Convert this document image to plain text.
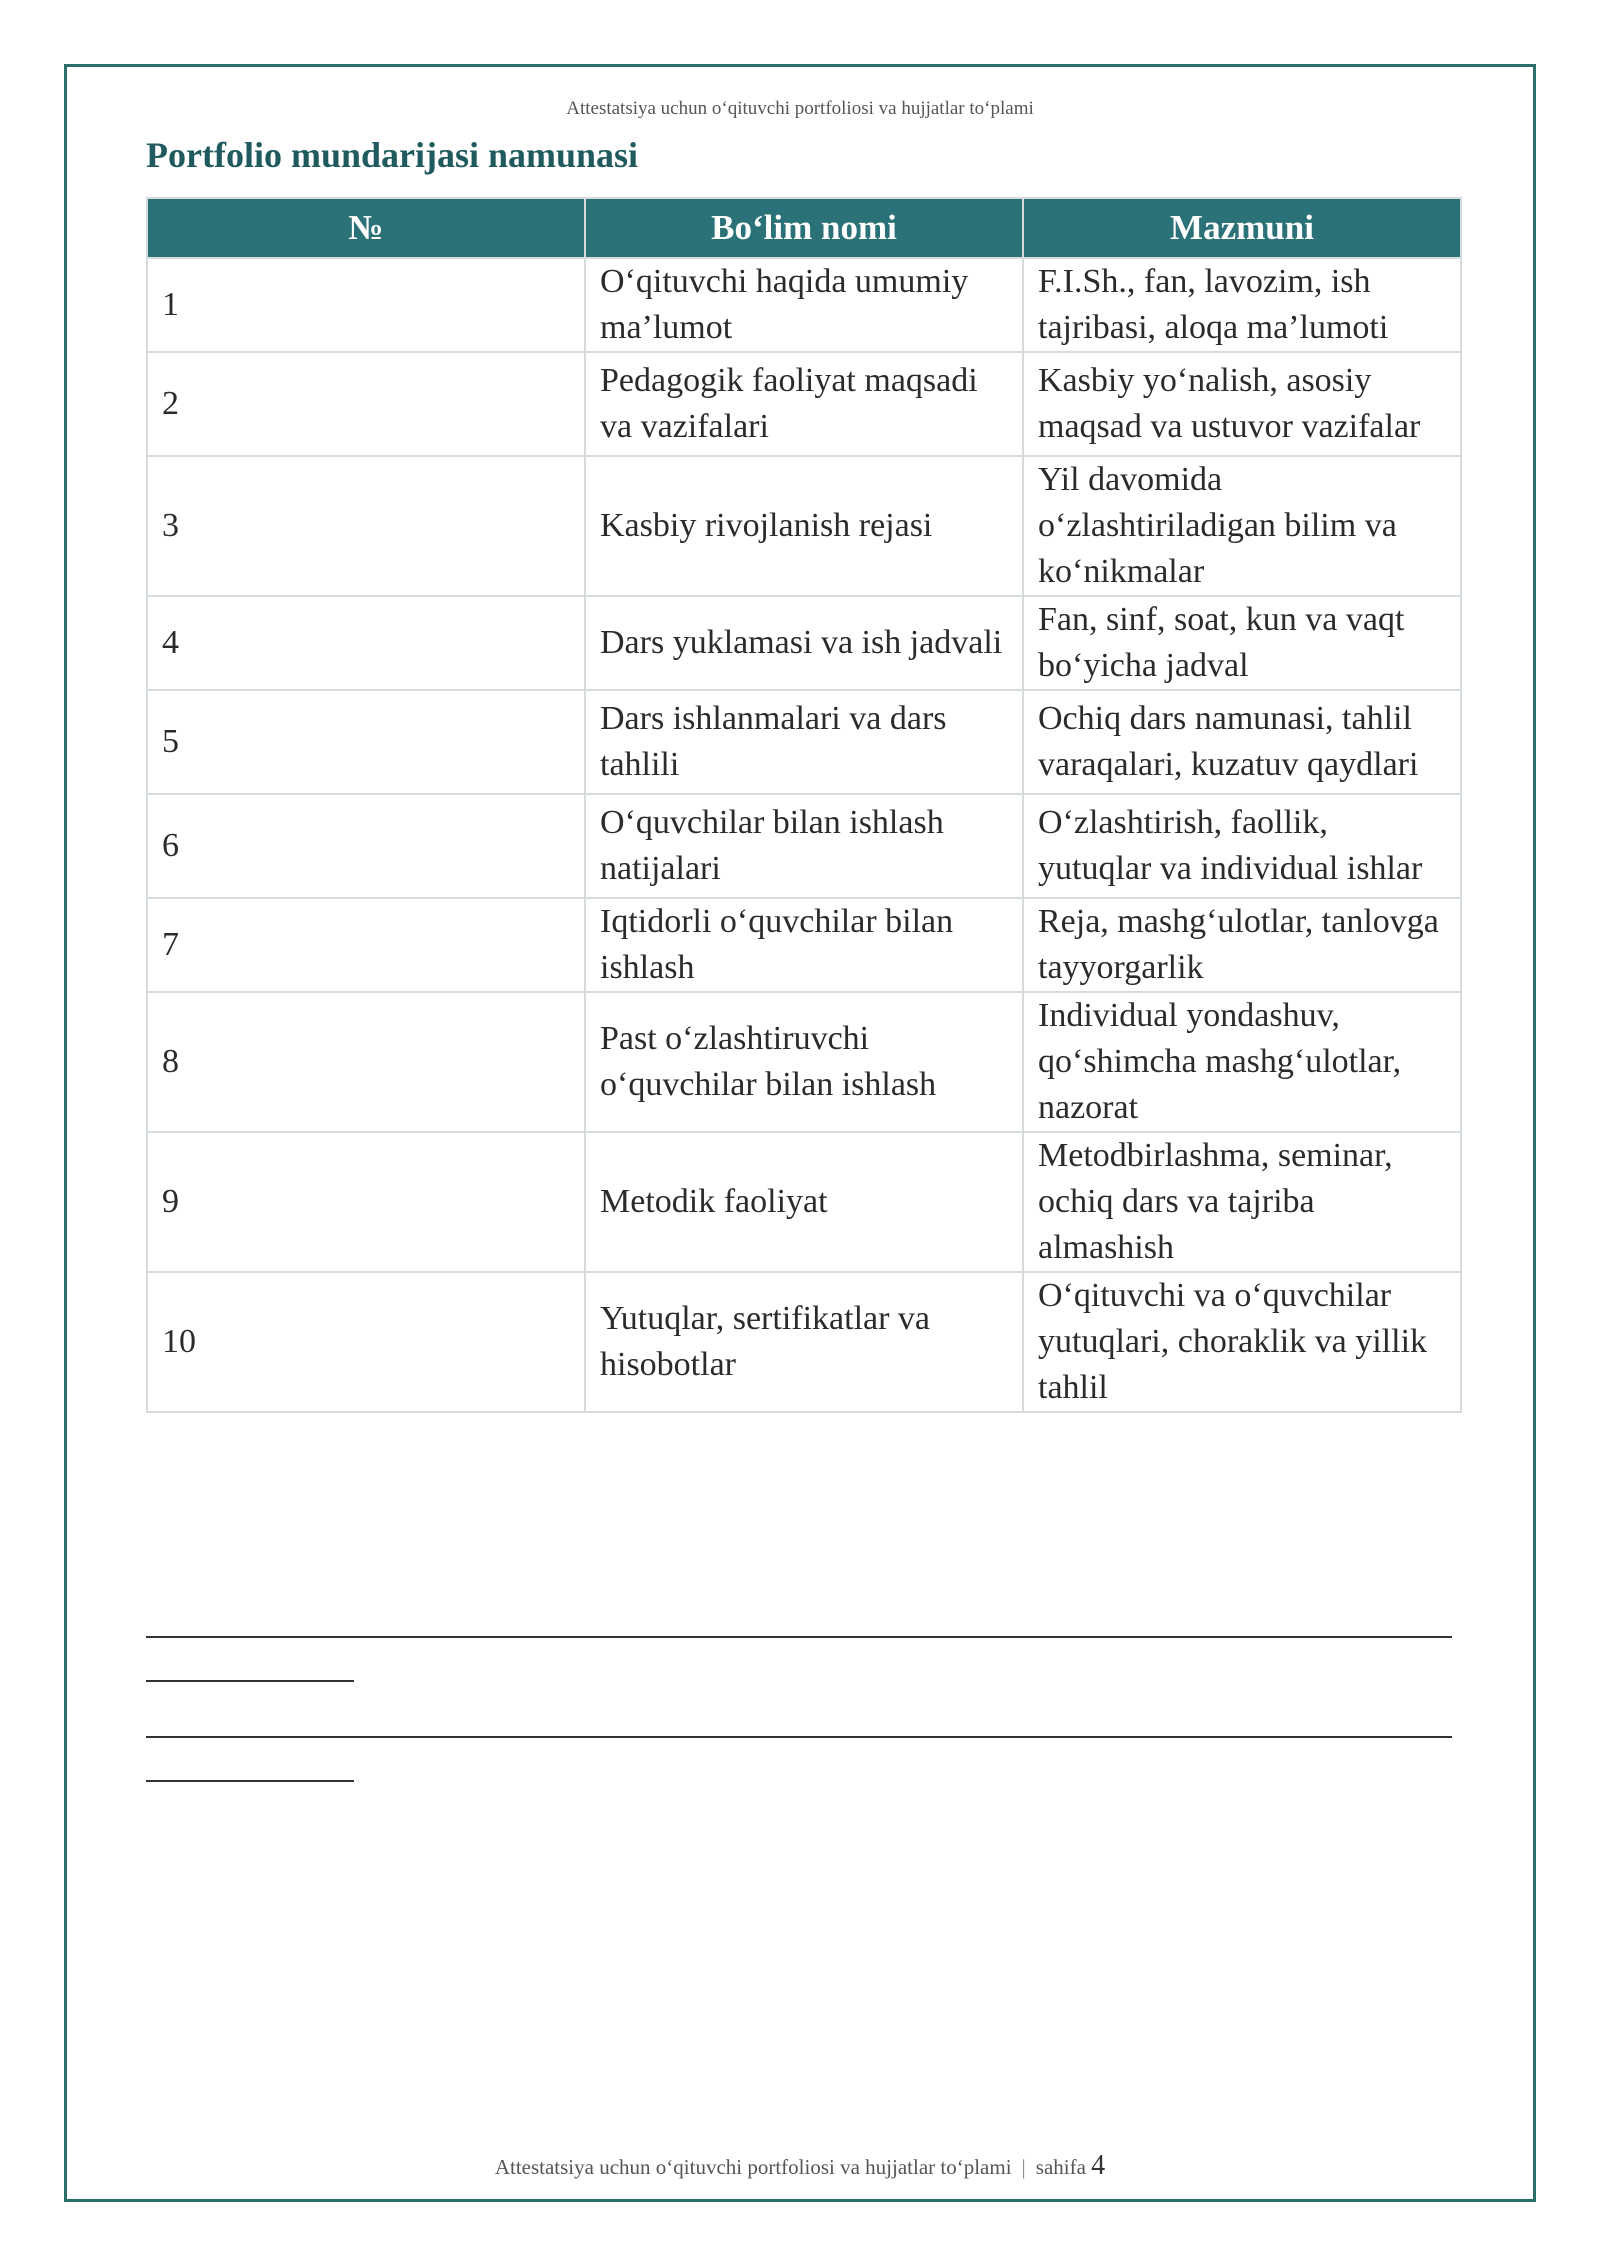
Attestatsiya uchun o‘qituvchi portfoliosi va hujjatlar to‘plami
Portfolio mundarijasi namunasi
№	Bo‘lim nomi	Mazmuni
1	O‘qituvchi haqida umumiy ma’lumot	F.I.Sh., fan, lavozim, ish tajribasi, aloqa ma’lumoti
2	Pedagogik faoliyat maqsadi va vazifalari	Kasbiy yo‘nalish, asosiy maqsad va ustuvor vazifalar
3	Kasbiy rivojlanish rejasi	Yil davomida o‘zlashtiriladigan bilim va ko‘nikmalar
4	Dars yuklamasi va ish jadvali	Fan, sinf, soat, kun va vaqt bo‘yicha jadval
5	Dars ishlanmalari va dars tahlili	Ochiq dars namunasi, tahlil varaqalari, kuzatuv qaydlari
6	O‘quvchilar bilan ishlash natijalari	O‘zlashtirish, faollik, yutuqlar va individual ishlar
7	Iqtidorli o‘quvchilar bilan ishlash	Reja, mashg‘ulotlar, tanlovga tayyorgarlik
8	Past o‘zlashtiruvchi o‘quvchilar bilan ishlash	Individual yondashuv, qo‘shimcha mashg‘ulotlar, nazorat
9	Metodik faoliyat	Metodbirlashma, seminar, ochiq dars va tajriba almashish
10	Yutuqlar, sertifikatlar va hisobotlar	O‘qituvchi va o‘quvchilar yutuqlari, choraklik va yillik tahlil
Attestatsiya uchun o‘qituvchi portfoliosi va hujjatlar to‘plami | sahifa 4
